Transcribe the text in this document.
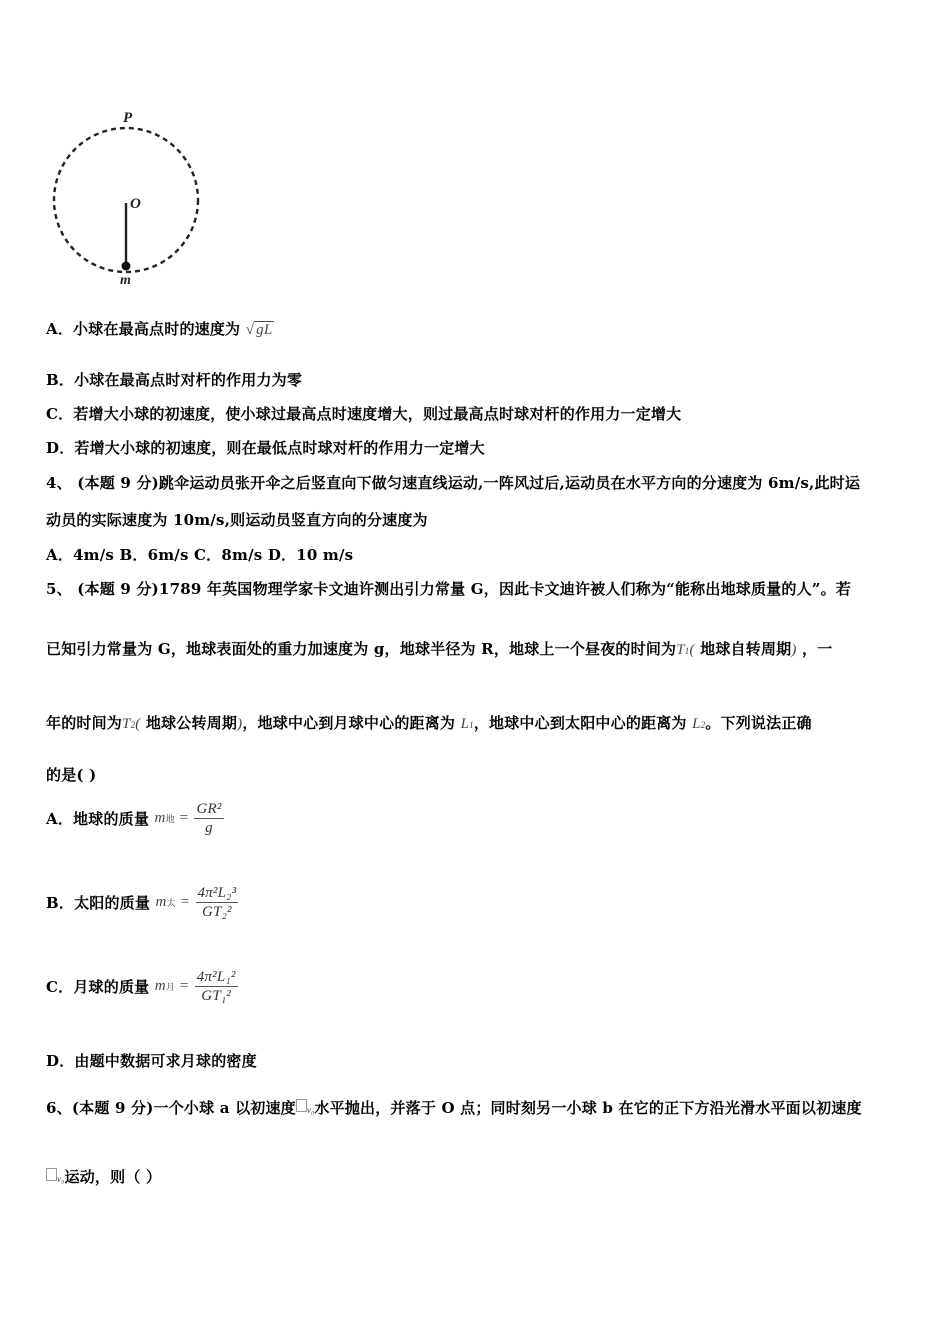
P
O
m
A．小球在最高点时的速度为 √ gL
B．小球在最高点时对杆的作用力为零
C．若增大小球的初速度，使小球过最高点时速度增大，则过最高点时球对杆的作用力一定增大
D．若增大小球的初速度，则在最低点时球对杆的作用力一定增大
4、 (本题 9 分)跳伞运动员张开伞之后竖直向下做匀速直线运动,一阵风过后,运动员在水平方向的分速度为 6m/s,此时运
动员的实际速度为 10m/s,则运动员竖直方向的分速度为
A．4m/s B．6m/s C．8m/s D．10 m/s
5、 (本题 9 分)1789 年英国物理学家卡文迪许测出引力常量 G，因此卡文迪许被人们称为“能称出地球质量的人”。若
已知引力常量为 G，地球表面处的重力加速度为 g，地球半径为 R，地球上一个昼夜的时间为T1( 地球自转周期) ，一
年的时间为T2( 地球公转周期)，地球中心到月球中心的距离为 L1，地球中心到太阳中心的距离为 L2。下列说法正确
的是( )
A．地球的质量 m地 = $\frac{\text{GR²}}{g}$
B．太阳的质量 m太 = $\frac{\text{4π²L₂³}}{\text{GT₂²}}$
C．月球的质量 m月 = $\frac{\text{4π²L₁²}}{\text{GT₁²}}$
D．由题中数据可求月球的密度
6、(本题 9 分)一个小球 a 以初速度 v₀水平抛出，并落于 O 点；同时刻另一小球 b 在它的正下方沿光滑水平面以初速度
v₀运动，则（ ）
